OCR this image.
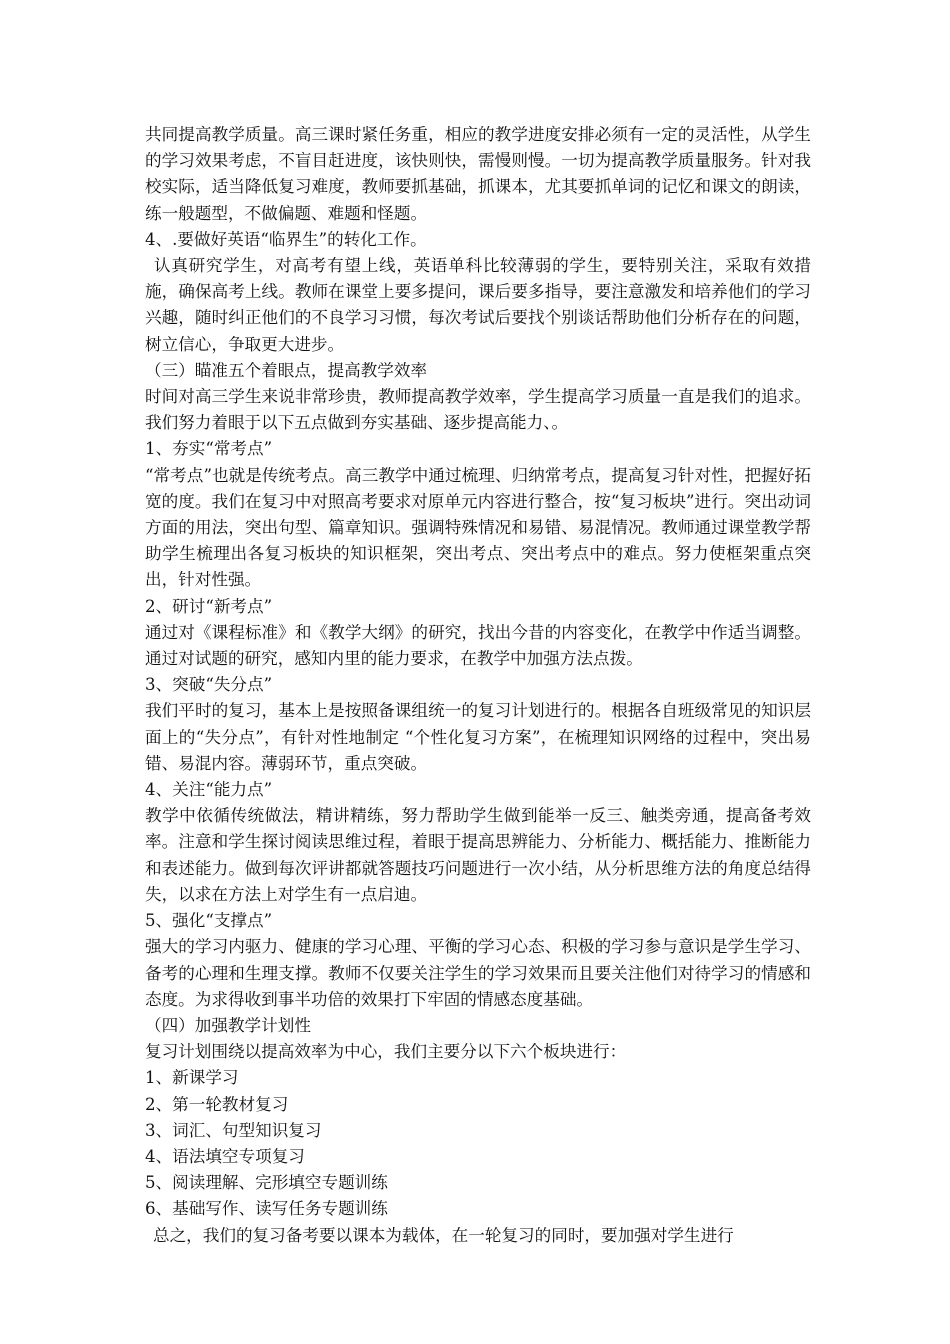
共同提高教学质量。高三课时紧任务重，相应的教学进度安排必须有一定的灵活性，从学生的学习效果考虑，不盲目赶进度，该快则快，需慢则慢。一切为提高教学质量服务。针对我校实际，适当降低复习难度，教师要抓基础，抓课本，尤其要抓单词的记忆和课文的朗读，练一般题型，不做偏题、难题和怪题。

4、.要做好英语“临界生”的转化工作。

认真研究学生，对高考有望上线，英语单科比较薄弱的学生，要特别关注，采取有效措施，确保高考上线。教师在课堂上要多提问，课后要多指导，要注意激发和培养他们的学习兴趣，随时纠正他们的不良学习习惯，每次考试后要找个别谈话帮助他们分析存在的问题，树立信心，争取更大进步。

（三）瞄准五个着眼点，提高教学效率

时间对高三学生来说非常珍贵，教师提高教学效率，学生提高学习质量一直是我们的追求。我们努力着眼于以下五点做到夯实基础、逐步提高能力、。

1、夯实“常考点”

“常考点”也就是传统考点。高三教学中通过梳理、归纳常考点，提高复习针对性，把握好拓宽的度。我们在复习中对照高考要求对原单元内容进行整合，按“复习板块”进行。突出动词方面的用法，突出句型、篇章知识。强调特殊情况和易错、易混情况。教师通过课堂教学帮助学生梳理出各复习板块的知识框架，突出考点、突出考点中的难点。努力使框架重点突出，针对性强。

2、研讨“新考点”

通过对《课程标准》和《教学大纲》的研究，找出今昔的内容变化，在教学中作适当调整。通过对试题的研究，感知内里的能力要求，在教学中加强方法点拨。

3、突破“失分点”

我们平时的复习，基本上是按照备课组统一的复习计划进行的。根据各自班级常见的知识层面上的“失分点”，有针对性地制定 “个性化复习方案”，在梳理知识网络的过程中，突出易错、易混内容。薄弱环节，重点突破。

4、关注“能力点”

教学中依循传统做法，精讲精练，努力帮助学生做到能举一反三、触类旁通，提高备考效率。注意和学生探讨阅读思维过程，着眼于提高思辨能力、分析能力、概括能力、推断能力和表述能力。做到每次评讲都就答题技巧问题进行一次小结，从分析思维方法的角度总结得失，以求在方法上对学生有一点启迪。

5、强化“支撑点”

强大的学习内驱力、健康的学习心理、平衡的学习心态、积极的学习参与意识是学生学习、备考的心理和生理支撑。教师不仅要关注学生的学习效果而且要关注他们对待学习的情感和态度。为求得收到事半功倍的效果打下牢固的情感态度基础。

（四）加强教学计划性

复习计划围绕以提高效率为中心，我们主要分以下六个板块进行：

1、新课学习

2、第一轮教材复习

3、词汇、句型知识复习

4、语法填空专项复习

5、阅读理解、完形填空专题训练

6、基础写作、读写任务专题训练

总之，我们的复习备考要以课本为载体，在一轮复习的同时，要加强对学生进行
